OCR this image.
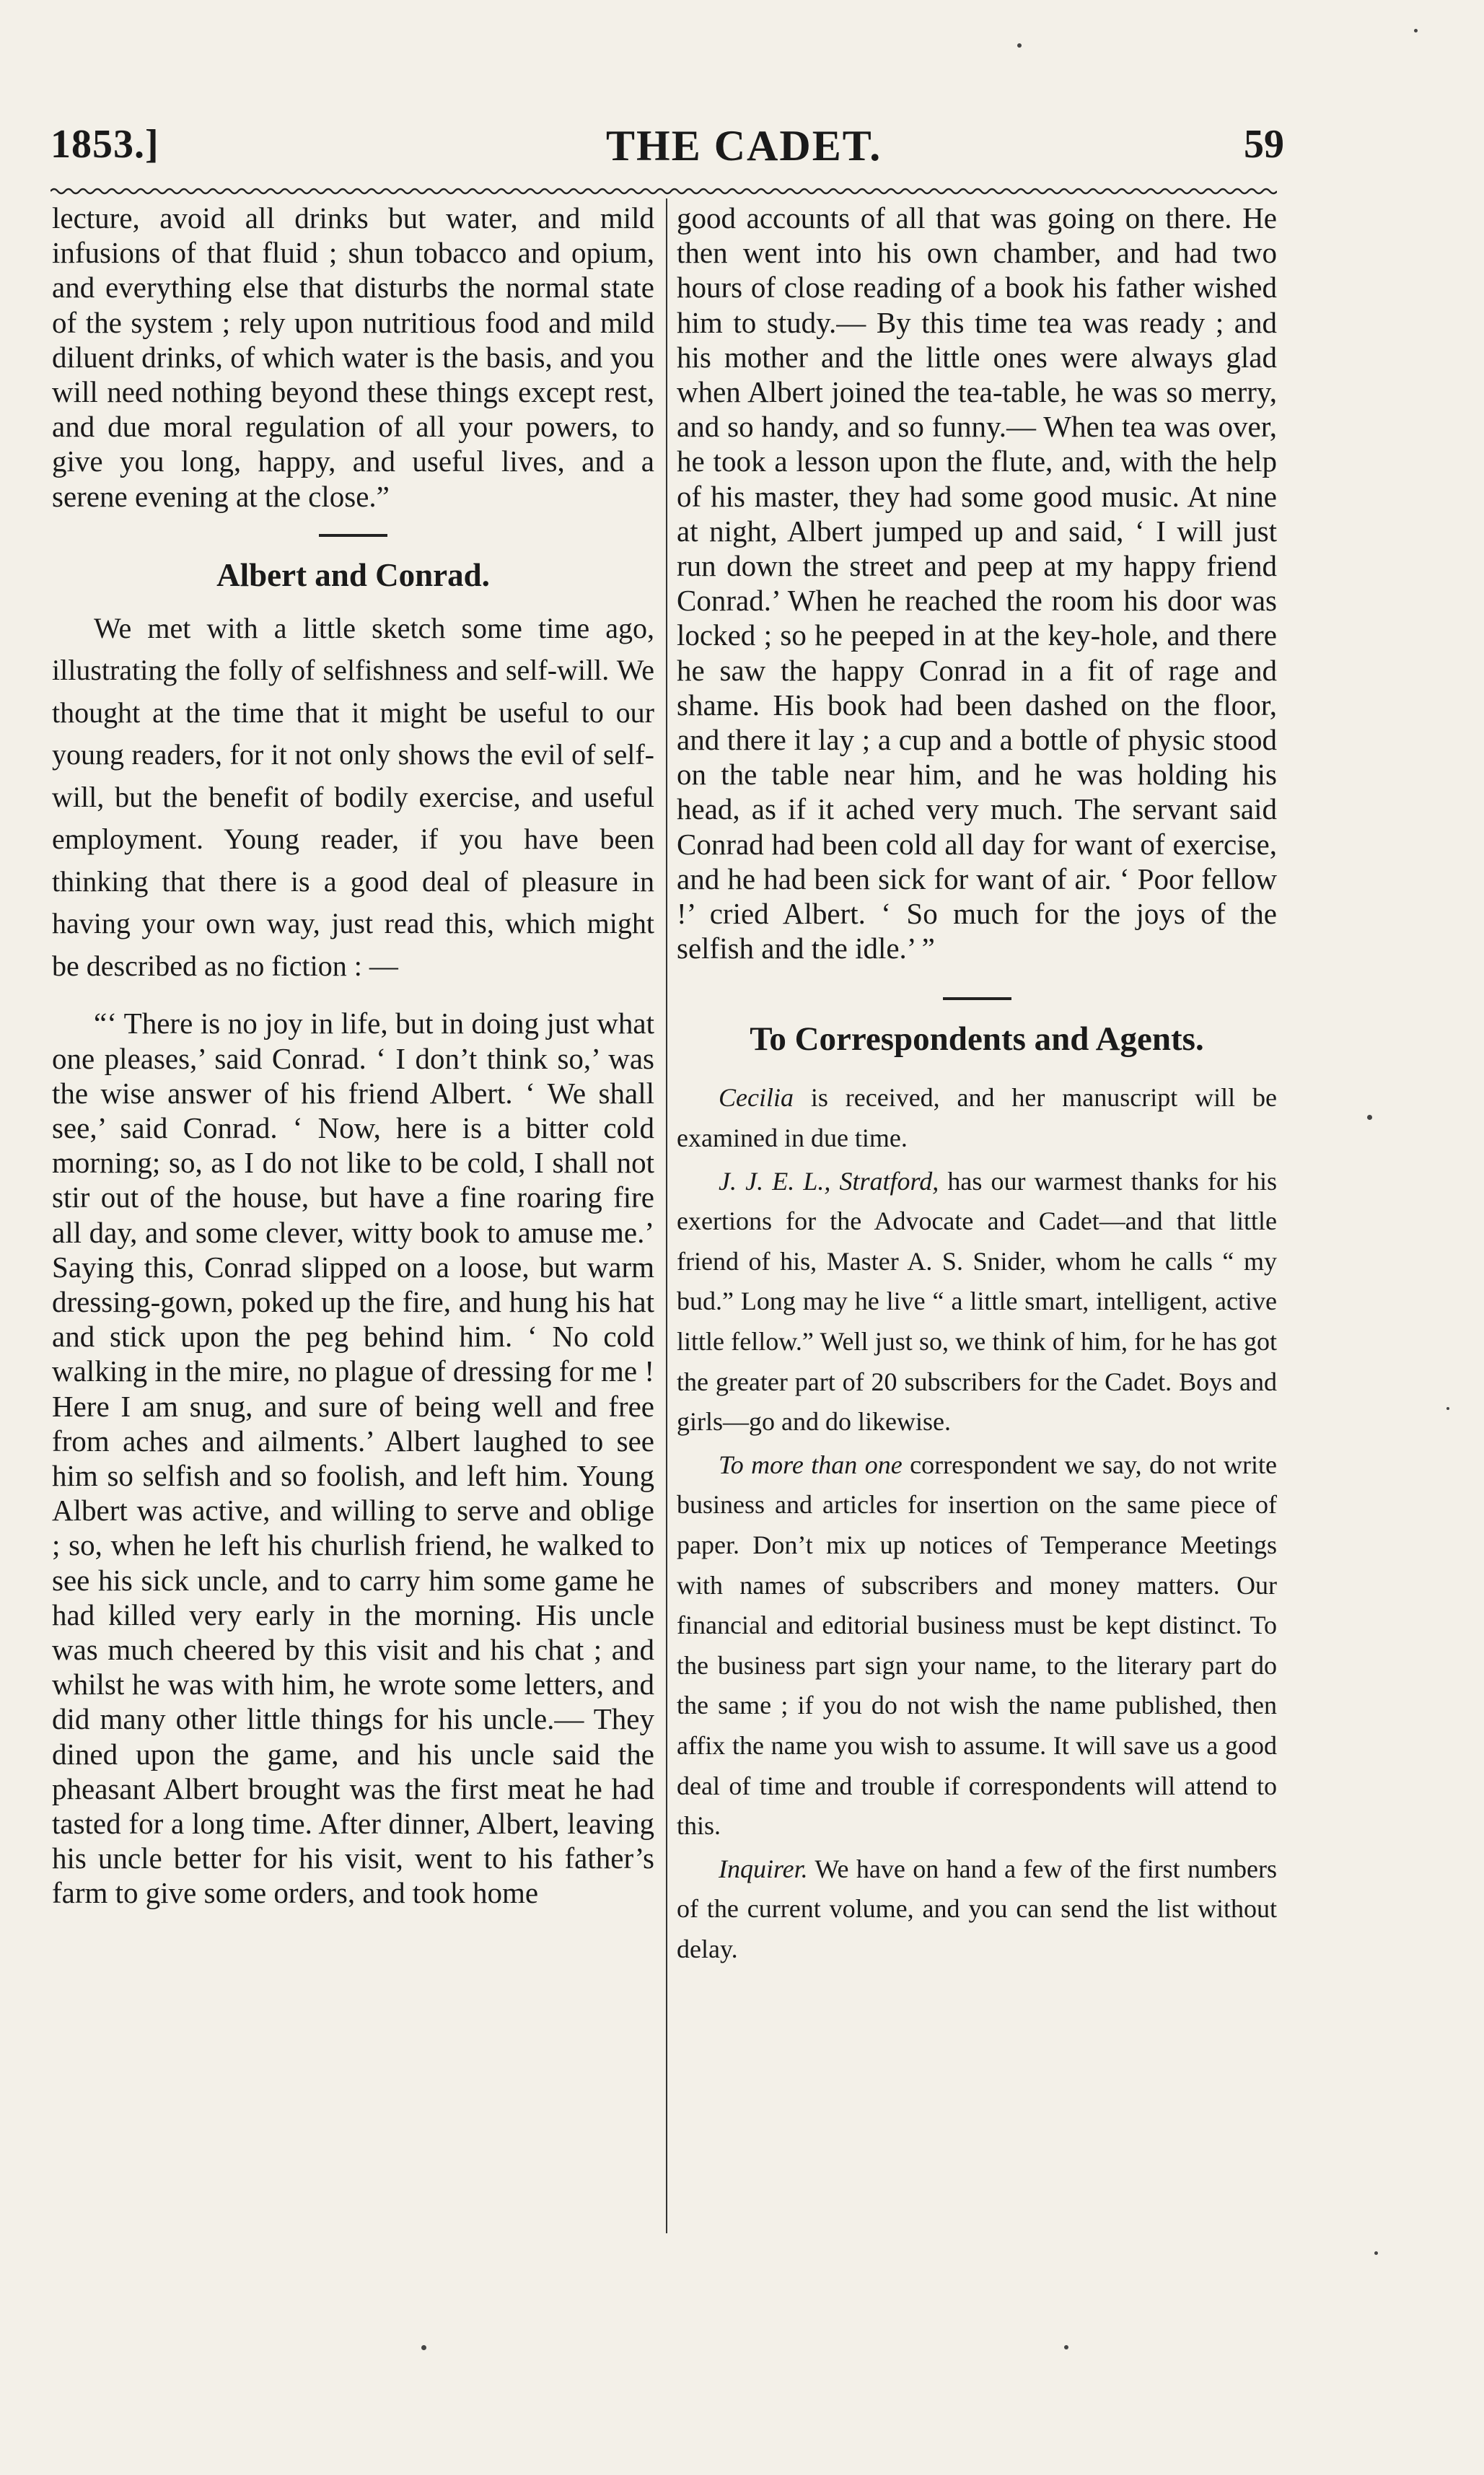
1853.]	THE CADET.	59

lecture, avoid all drinks but water, and mild infusions of that fluid ; shun tobacco and opium, and everything else that disturbs the normal state of the system ; rely upon nutritious food and mild diluent drinks, of which water is the basis, and you will need nothing beyond these things except rest, and due moral regulation of all your powers, to give you long, happy, and useful lives, and a serene evening at the close.”

Albert and Conrad.

We met with a little sketch some time ago, illustrating the folly of selfishness and self-will. We thought at the time that it might be useful to our young readers, for it not only shows the evil of self-will, but the benefit of bodily exercise, and useful employment. Young reader, if you have been thinking that there is a good deal of pleasure in having your own way, just read this, which might be described as no fiction : —

“‘ There is no joy in life, but in doing just what one pleases,’ said Conrad. ‘ I don’t think so,’ was the wise answer of his friend Albert. ‘ We shall see,’ said Conrad. ‘ Now, here is a bitter cold morning; so, as I do not like to be cold, I shall not stir out of the house, but have a fine roaring fire all day, and some clever, witty book to amuse me.’ Saying this, Conrad slipped on a loose, but warm dressing-gown, poked up the fire, and hung his hat and stick upon the peg behind him. ‘ No cold walking in the mire, no plague of dressing for me ! Here I am snug, and sure of being well and free from aches and ailments.’ Albert laughed to see him so selfish and so foolish, and left him. Young Albert was active, and willing to serve and oblige ; so, when he left his churlish friend, he walked to see his sick uncle, and to carry him some game he had killed very early in the morning. His uncle was much cheered by this visit and his chat ; and whilst he was with him, he wrote some letters, and did many other little things for his uncle.— They dined upon the game, and his uncle said the pheasant Albert brought was the first meat he had tasted for a long time. After dinner, Albert, leaving his uncle better for his visit, went to his father’s farm to give some orders, and took home

good accounts of all that was going on there. He then went into his own chamber, and had two hours of close reading of a book his father wished him to study.— By this time tea was ready ; and his mother and the little ones were always glad when Albert joined the tea-table, he was so merry, and so handy, and so funny.— When tea was over, he took a lesson upon the flute, and, with the help of his master, they had some good music. At nine at night, Albert jumped up and said, ‘ I will just run down the street and peep at my happy friend Conrad.’ When he reached the room his door was locked ; so he peeped in at the key-hole, and there he saw the happy Conrad in a fit of rage and shame. His book had been dashed on the floor, and there it lay ; a cup and a bottle of physic stood on the table near him, and he was holding his head, as if it ached very much. The servant said Conrad had been cold all day for want of exercise, and he had been sick for want of air. ‘ Poor fellow !’ cried Albert. ‘ So much for the joys of the selfish and the idle.’ ”

To Correspondents and Agents.

Cecilia is received, and her manuscript will be examined in due time.

J. J. E. L., Stratford, has our warmest thanks for his exertions for the Advocate and Cadet—and that little friend of his, Master A. S. Snider, whom he calls “ my bud.” Long may he live “ a little smart, intelligent, active little fellow.” Well just so, we think of him, for he has got the greater part of 20 subscribers for the Cadet. Boys and girls—go and do likewise.

To more than one correspondent we say, do not write business and articles for insertion on the same piece of paper. Don’t mix up notices of Temperance Meetings with names of subscribers and money matters. Our financial and editorial business must be kept distinct. To the business part sign your name, to the literary part do the same ; if you do not wish the name published, then affix the name you wish to assume. It will save us a good deal of time and trouble if correspondents will attend to this.

Inquirer. We have on hand a few of the first numbers of the current volume, and you can send the list without delay.
